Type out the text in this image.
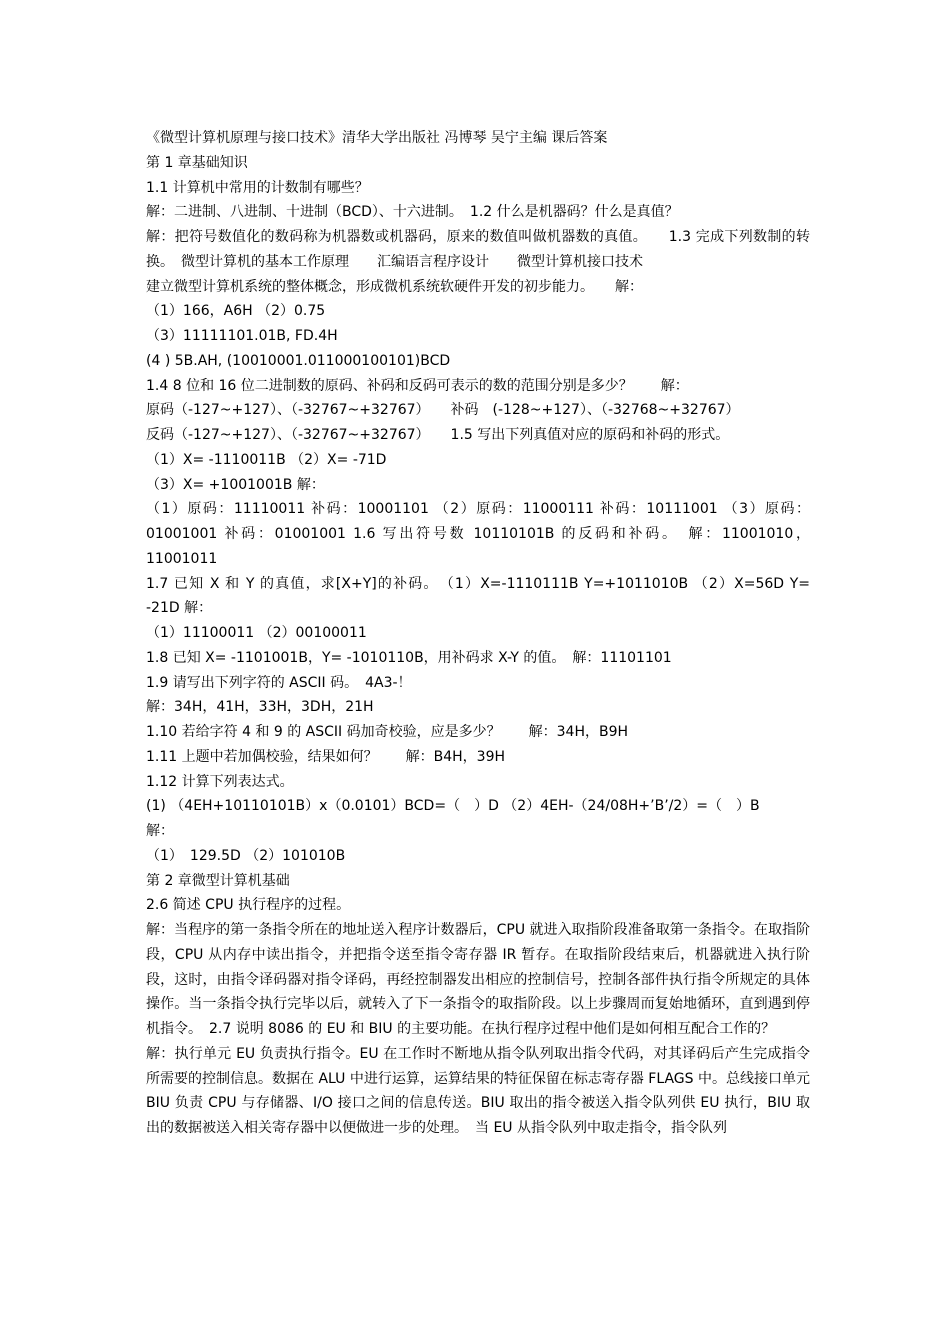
《微型计算机原理与接口技术》清华大学出版社 冯博琴 吴宁主编 课后答案
第 1 章基础知识
1.1 计算机中常用的计数制有哪些？
解：二进制、八进制、十进制（BCD）、十六进制。　1.2 什么是机器码？什么是真值？
解：把符号数值化的数码称为机器数或机器码，原来的数值叫做机器数的真值。　　1.3 完成下列数制的转换。　微型计算机的基本工作原理　　汇编语言程序设计　　微型计算机接口技术
建立微型计算机系统的整体概念，形成微机系统软硬件开发的初步能力。　　解：
（1）166，A6H （2）0.75
（3）11111101.01B, FD.4H
(4 ) 5B.AH, (10010001.011000100101)BCD
1.4 8 位和 16 位二进制数的原码、补码和反码可表示的数的范围分别是多少？　　解：
原码（-127~+127）、（-32767~+32767）　　补码　(-128~+127）、（-32768~+32767）
反码（-127~+127）、（-32767~+32767）　　1.5 写出下列真值对应的原码和补码的形式。
（1）X= -1110011B （2）X= -71D
（3）X= +1001001B 解：
（1）原码：11110011 补码：10001101 （2）原码：11000111 补码：10111001 （3）原码：01001001 补码：01001001 1.6 写出符号数 10110101B 的反码和补码。　解：11001010，11001011
1.7 已知 X 和 Y 的真值，求[X+Y]的补码。　（1）X=-1110111B Y=+1011010B （2）X=56D Y= -21D 解：
（1）11100011 （2）00100011
1.8 已知 X= -1101001B，Y= -1010110B，用补码求 X-Y 的值。　解：11101101
1.9 请写出下列字符的 ASCII 码。　4A3-！
解：34H，41H，33H，3DH，21H
1.10 若给字符 4 和 9 的 ASCII 码加奇校验，应是多少？　　解：34H，B9H
1.11 上题中若加偶校验，结果如何？　　解：B4H，39H
1.12 计算下列表达式。
(1) （4EH+10110101B）x（0.0101）BCD=（　）D （2）4EH-（24/08H+’B’/2）=（　）B
解：
（1）　129.5D （2）101010B
第 2 章微型计算机基础
2.6 简述 CPU 执行程序的过程。
解：当程序的第一条指令所在的地址送入程序计数器后，CPU 就进入取指阶段准备取第一条指令。在取指阶段，CPU 从内存中读出指令，并把指令送至指令寄存器 IR 暂存。在取指阶段结束后，机器就进入执行阶段，这时，由指令译码器对指令译码，再经控制器发出相应的控制信号，控制各部件执行指令所规定的具体操作。当一条指令执行完毕以后，就转入了下一条指令的取指阶段。以上步骤周而复始地循环，直到遇到停机指令。　2.7 说明 8086 的 EU 和 BIU 的主要功能。在执行程序过程中他们是如何相互配合工作的？
解：执行单元 EU 负责执行指令。EU 在工作时不断地从指令队列取出指令代码，对其译码后产生完成指令所需要的控制信息。数据在 ALU 中进行运算，运算结果的特征保留在标志寄存器 FLAGS 中。总线接口单元 BIU 负责 CPU 与存储器、I/O 接口之间的信息传送。BIU 取出的指令被送入指令队列供 EU 执行，BIU 取出的数据被送入相关寄存器中以便做进一步的处理。　当 EU 从指令队列中取走指令，指令队列
